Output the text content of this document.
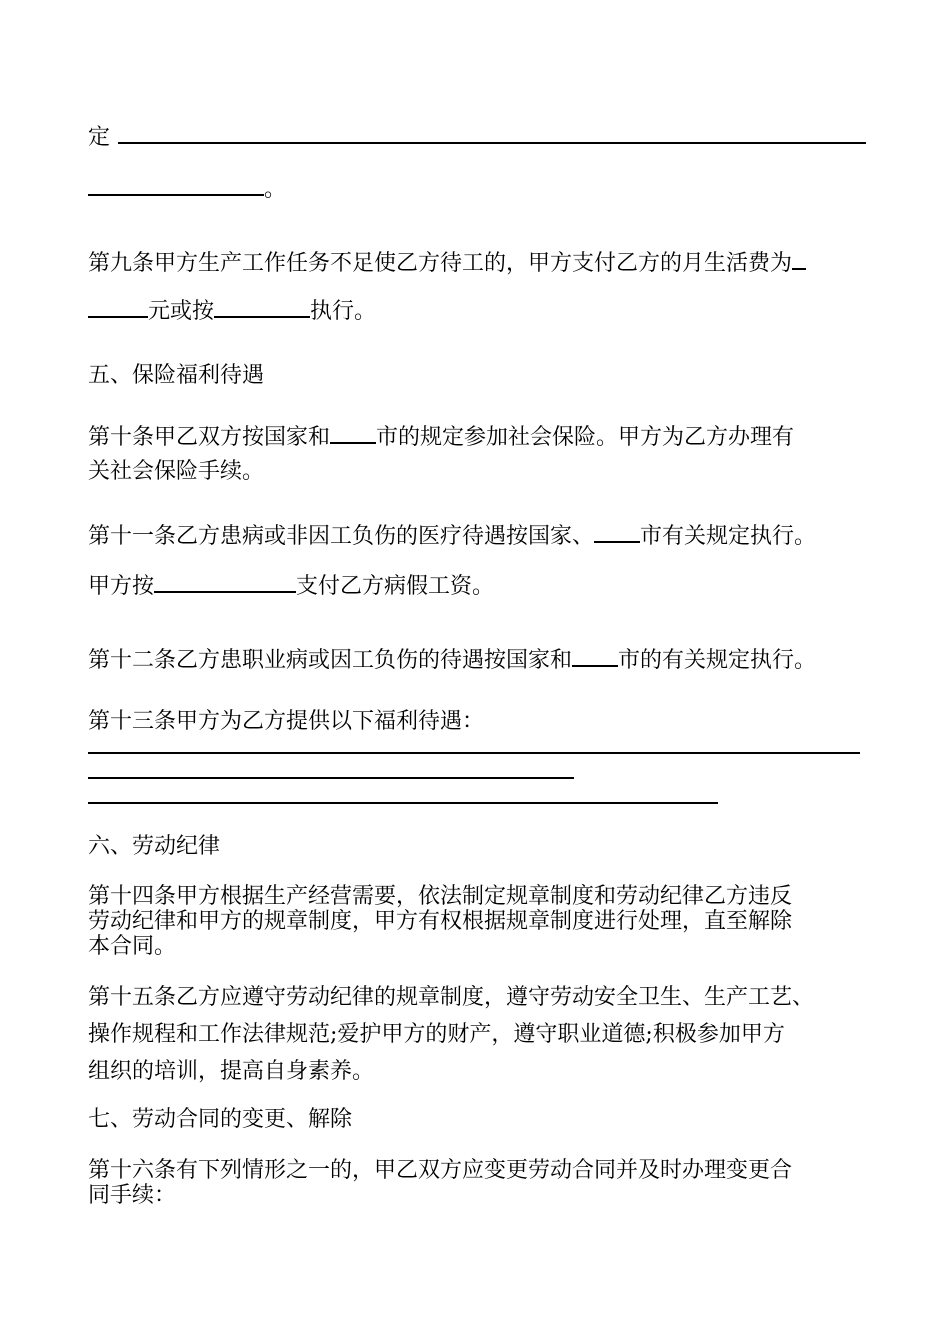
定
。
第九条甲方生产工作任务不足使乙方待工的，甲方支付乙方的月生活费为
元或按	执行。
五、保险福利待遇
第十条甲乙双方按国家和 市的规定参加社会保险。甲方为乙方办理有
关社会保险手续。
第十一条乙方患病或非因工负伤的医疗待遇按国家、 市有关规定执行。
甲方按	支付乙方病假工资。
第十二条乙方患职业病或因工负伤的待遇按国家和 市的有关规定执行。
第十三条甲方为乙方提供以下福利待遇：
六、劳动纪律
第十四条甲方根据生产经营需要，依法制定规章制度和劳动纪律乙方违反
劳动纪律和甲方的规章制度，甲方有权根据规章制度进行处理，直至解除
本合同。
第十五条乙方应遵守劳动纪律的规章制度，遵守劳动安全卫生、生产工艺、
操作规程和工作法律规范;爱护甲方的财产，遵守职业道德;积极参加甲方
组织的培训，提高自身素养。
七、劳动合同的变更、解除
第十六条有下列情形之一的，甲乙双方应变更劳动合同并及时办理变更合
同手续：
